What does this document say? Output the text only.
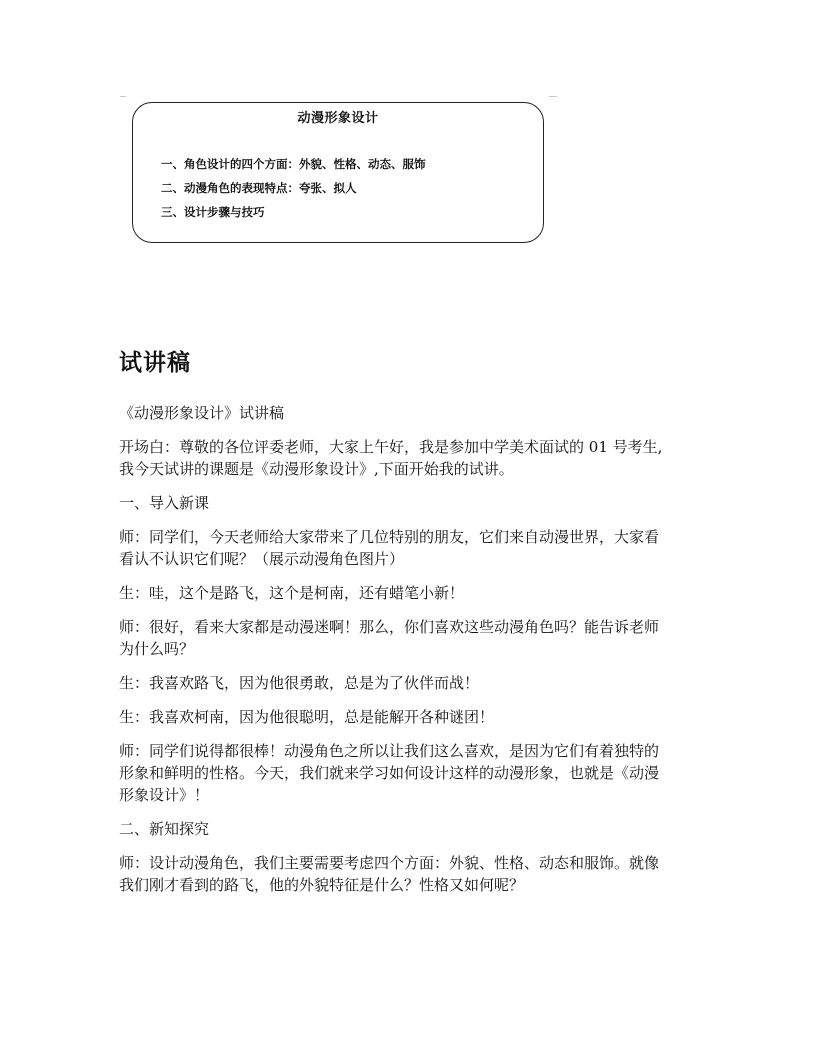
动漫形象设计
一、角色设计的四个方面：外貌、性格、动态、服饰
二、动漫角色的表现特点：夸张、拟人
三、设计步骤与技巧
试讲稿

《动漫形象设计》试讲稿

开场白：尊敬的各位评委老师，大家上午好，我是参加中学美术面试的 01 号考生,
我今天试讲的课题是《动漫形象设计》,下面开始我的试讲。

一、导入新课

师：同学们，今天老师给大家带来了几位特别的朋友，它们来自动漫世界，大家看
看认不认识它们呢？（展示动漫角色图片）

生：哇，这个是路飞，这个是柯南，还有蜡笔小新！

师：很好，看来大家都是动漫迷啊！那么，你们喜欢这些动漫角色吗？能告诉老师
为什么吗？

生：我喜欢路飞，因为他很勇敢，总是为了伙伴而战！

生：我喜欢柯南，因为他很聪明，总是能解开各种谜团！

师：同学们说得都很棒！动漫角色之所以让我们这么喜欢，是因为它们有着独特的
形象和鲜明的性格。今天，我们就来学习如何设计这样的动漫形象，也就是《动漫
形象设计》！

二、新知探究

师：设计动漫角色，我们主要需要考虑四个方面：外貌、性格、动态和服饰。就像
我们刚才看到的路飞，他的外貌特征是什么？性格又如何呢？
